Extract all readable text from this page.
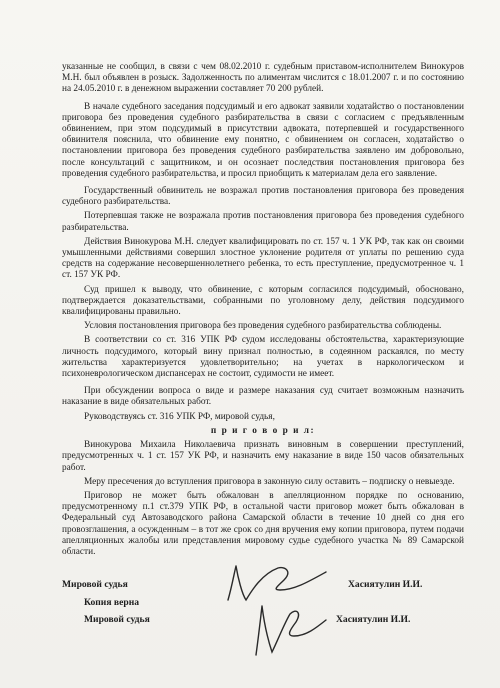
указанные не сообщил, в связи с чем 08.02.2010 г. судебным приставом-исполнителем Винокуров М.Н. был объявлен в розыск. Задолженность по алиментам числится с 18.01.2007 г. и по состоянию на 24.05.2010 г. в денежном выражении составляет 70 200 рублей.

В начале судебного заседания подсудимый и его адвокат заявили ходатайство о постановлении приговора без проведения судебного разбирательства в связи с согласием с предъявленным обвинением, при этом подсудимый в присутствии адвоката, потерпевшей и государственного обвинителя пояснила, что обвинение ему понятно, с обвинением он согласен, ходатайство о постановлении приговора без проведения судебного разбирательства заявлено им добровольно, после консультаций с защитником, и он осознает последствия постановления приговора без проведения судебного разбирательства, и просил приобщить к материалам дела его заявление.

Государственный обвинитель не возражал против постановления приговора без проведения судебного разбирательства.

Потерпевшая также не возражала против постановления приговора без проведения судебного разбирательства.

Действия Винокурова М.Н. следует квалифицировать по ст. 157 ч. 1 УК РФ, так как он своими умышленными действиями совершил злостное уклонение родителя от уплаты по решению суда средств на содержание несовершеннолетнего ребенка, то есть преступление, предусмотренное ч. 1 ст. 157 УК РФ.

Суд пришел к выводу, что обвинение, с которым согласился подсудимый, обосновано, подтверждается доказательствами, собранными по уголовному делу, действия подсудимого квалифицированы правильно.

Условия постановления приговора без проведения судебного разбирательства соблюдены.

В соответствии со ст. 316 УПК РФ судом исследованы обстоятельства, характеризующие личность подсудимого, который вину признал полностью, в содеянном раскаялся, по месту жительства характеризуется удовлетворительно; на учетах в наркологическом и психоневрологическом диспансерах не состоит, судимости не имеет.

При обсуждении вопроса о виде и размере наказания суд считает возможным назначить наказание в виде обязательных работ.

Руководствуясь ст. 316 УПК РФ, мировой судья,

п р и г о в о р и л:

Винокурова Михаила Николаевича признать виновным в совершении преступлений, предусмотренных ч. 1 ст. 157 УК РФ, и назначить ему наказание в виде 150 часов обязательных работ.

Меру пресечения до вступления приговора в законную силу оставить – подписку о невыезде.

Приговор не может быть обжалован в апелляционном порядке по основанию, предусмотренному п.1 ст.379 УПК РФ, в остальной части приговор может быть обжалован в Федеральный суд Автозаводского района Самарской области в течение 10 дней со дня его провозглашения, а осужденным – в тот же срок со дня вручения ему копии приговора, путем подачи апелляционных жалобы или представления мировому судье судебного участка № 89 Самарской области.

Мировой судья	Хасиятулин И.И.
Копия верна
Мировой судья	Хасиятулин И.И.
